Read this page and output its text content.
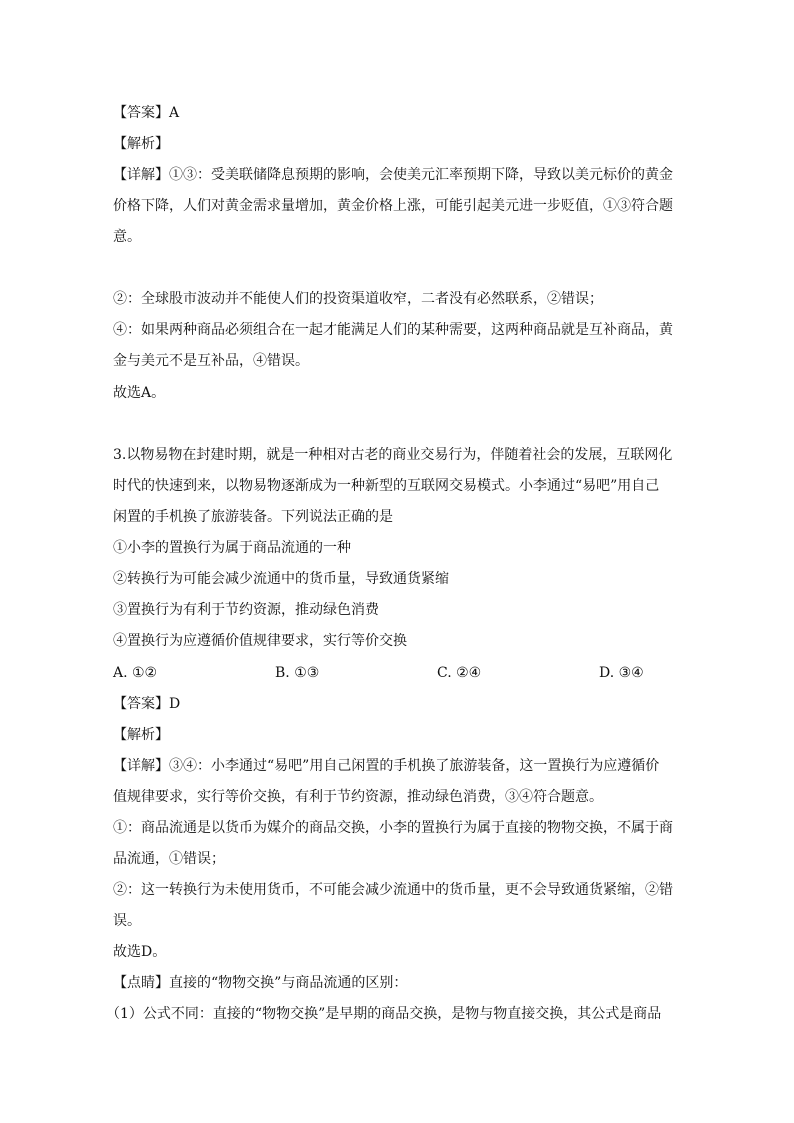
【答案】A
【解析】
【详解】①③：受美联储降息预期的影响，会使美元汇率预期下降，导致以美元标价的黄金
价格下降，人们对黄金需求量增加，黄金价格上涨，可能引起美元进一步贬值，①③符合题
意。
②：全球股市波动并不能使人们的投资渠道收窄，二者没有必然联系，②错误；
④：如果两种商品必须组合在一起才能满足人们的某种需要，这两种商品就是互补商品，黄
金与美元不是互补品，④错误。
故选A。
3.以物易物在封建时期，就是一种相对古老的商业交易行为，伴随着社会的发展，互联网化
时代的快速到来，以物易物逐渐成为一种新型的互联网交易模式。小李通过“易吧”用自己
闲置的手机换了旅游装备。下列说法正确的是
①小李的置换行为属于商品流通的一种
②转换行为可能会减少流通中的货币量，导致通货紧缩
③置换行为有利于节约资源，推动绿色消费
④置换行为应遵循价值规律要求，实行等价交换
A. ①②	B. ①③	C. ②④	D. ③④
【答案】D
【解析】
【详解】③④：小李通过“易吧”用自己闲置的手机换了旅游装备，这一置换行为应遵循价
值规律要求，实行等价交换，有利于节约资源，推动绿色消费，③④符合题意。
①：商品流通是以货币为媒介的商品交换，小李的置换行为属于直接的物物交换，不属于商
品流通，①错误；
②：这一转换行为未使用货币，不可能会减少流通中的货币量，更不会导致通货紧缩，②错
误。
故选D。
【点睛】直接的“物物交换”与商品流通的区别：
（1）公式不同：直接的“物物交换”是早期的商品交换，是物与物直接交换，其公式是商品
